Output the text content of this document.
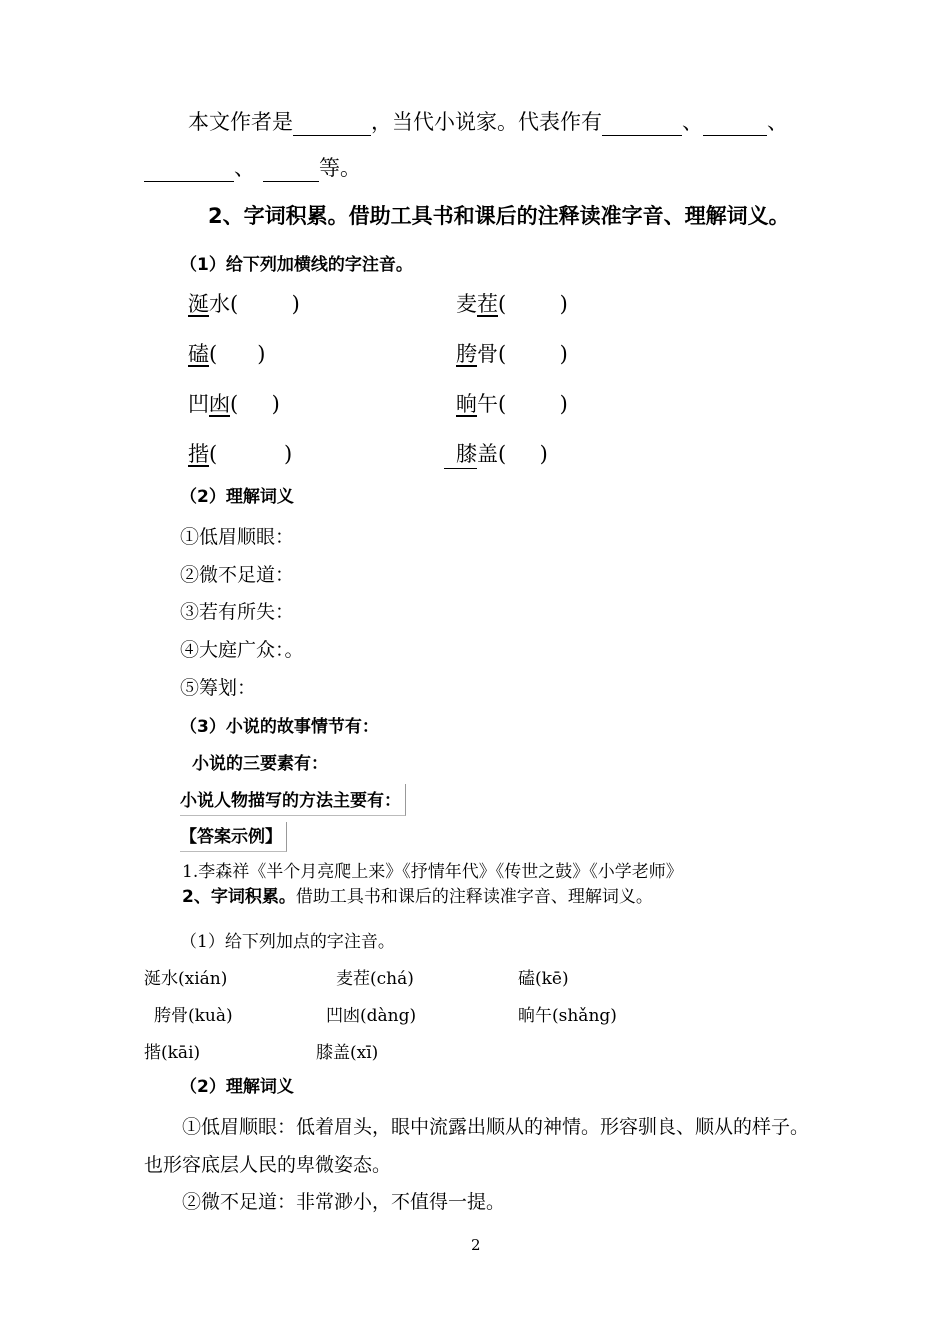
本文作者是	，当代小说家。代表作有	、	、
、	等。
2、字词积累。借助工具书和课后的注释读准字音、理解词义。
（1）给下列加横线的字注音。
涎水(        )	麦茬(        )
磕(      )	胯骨(        )
凹凼(     )	晌午(        )
揩(          )	膝盖(     )
（2）理解词义
①低眉顺眼：
②微不足道：
③若有所失：
④大庭广众：。
⑤筹划：
（3）小说的故事情节有：
小说的三要素有：
小说人物描写的方法主要有：
【答案示例】
1.李森祥《半个月亮爬上来》《抒情年代》《传世之鼓》《小学老师》
2、字词积累。借助工具书和课后的注释读准字音、理解词义。
（1）给下列加点的字注音。
涎水(xián)	麦茬(chá)	磕(kē)
胯骨(kuà)	凹凼(dàng)	晌午(shǎng)
揩(kāi)	膝盖(xī)
（2）理解词义
①低眉顺眼：低着眉头，眼中流露出顺从的神情。形容驯良、顺从的样子。
也形容底层人民的卑微姿态。
②微不足道：非常渺小，不值得一提。
2
